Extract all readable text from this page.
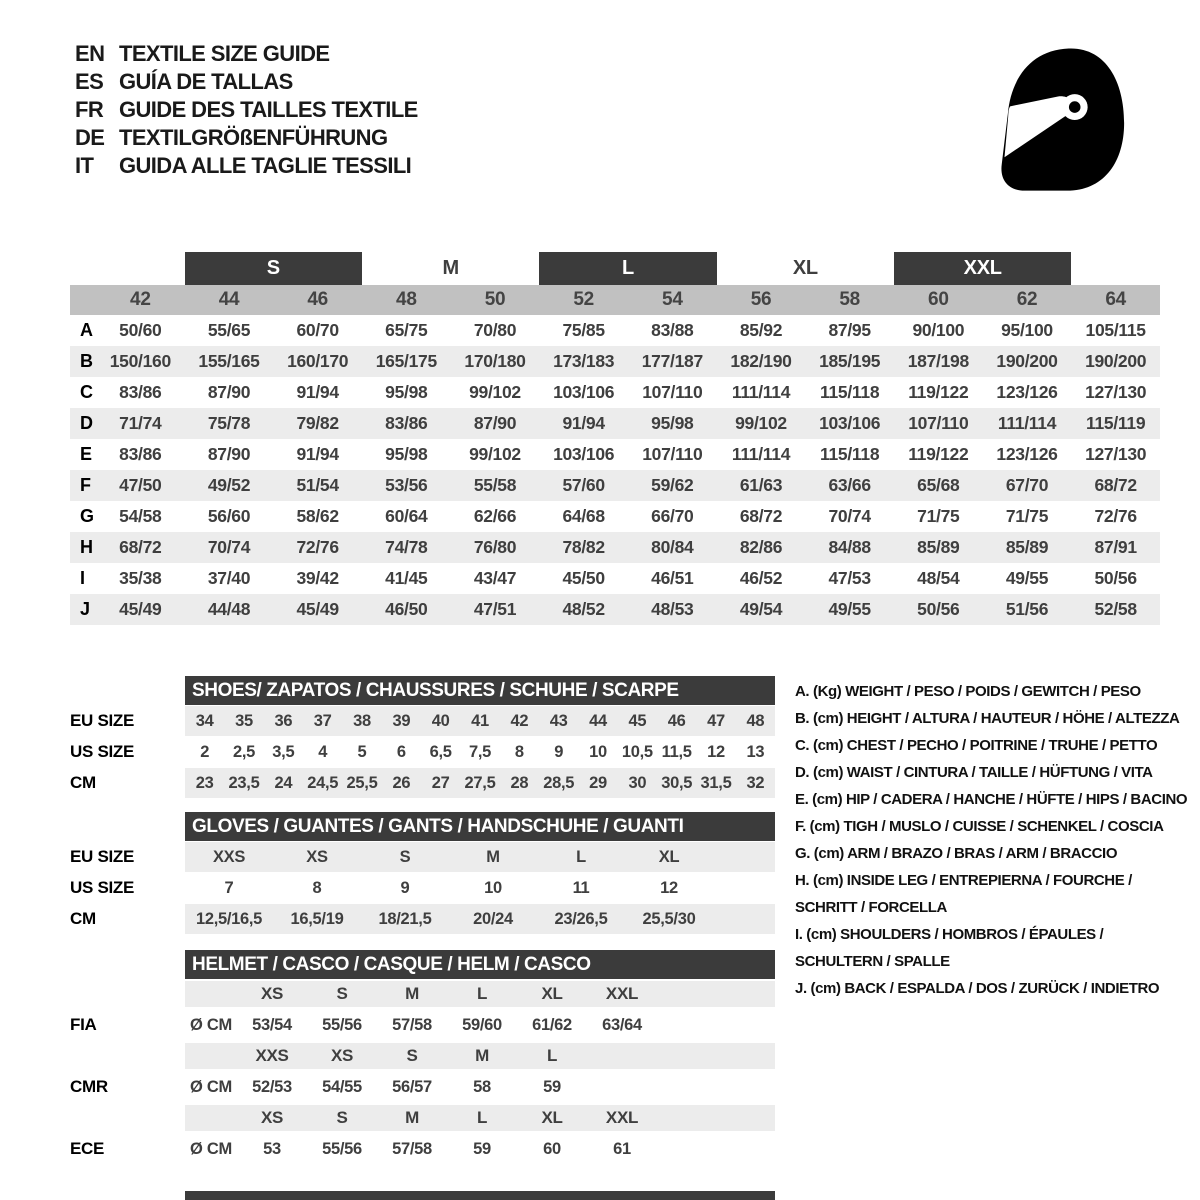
EN TEXTILE SIZE GUIDE
ES GUÍA DE TALLAS
FR GUIDE DES TAILLES TEXTILE
DE TEXTILGRÖßENFÜHRUNG
IT	GUIDA ALLE TAGLIE TESSILI
S	M	L	XL	XXL
42	44	46	48	50	52	54	56	58	60	62	64
A	50/60	55/65	60/70	65/75	70/80	75/85	83/88	85/92	87/95	90/100	95/100	105/115
B 150/160	155/165	160/170	165/175	170/180	173/183	177/187	182/190	185/195	187/198	190/200	190/200
C	83/86	87/90	91/94	95/98	99/102	103/106	107/110	111/114	115/118	119/122	123/126	127/130
D	71/74	75/78	79/82	83/86	87/90	91/94	95/98	99/102	103/106	107/110	111/114	115/119
E	83/86	87/90	91/94	95/98	99/102	103/106	107/110	111/114	115/118	119/122	123/126	127/130
F	47/50	49/52	51/54	53/56	55/58	57/60	59/62	61/63	63/66	65/68	67/70	68/72
G	54/58	56/60	58/62	60/64	62/66	64/68	66/70	68/72	70/74	71/75	71/75	72/76
H	68/72	70/74	72/76	74/78	76/80	78/82	80/84	82/86	84/88	85/89	85/89	87/91
I	35/38	37/40	39/42	41/45	43/47	45/50	46/51	46/52	47/53	48/54	49/55	50/56
J	45/49	44/48	45/49	46/50	47/51	48/52	48/53	49/54	49/55	50/56	51/56	52/58
SHOES/ ZAPATOS / CHAUSSURES / SCHUHE / SCARPE
EU SIZE	34	35	36	37	38	39	40	41	42	43	44	45	46	47	48
US SIZE	2	2,5	3,5	4	5	6	6,5	7,5	8	9	10 10,5 11,5 12	13
CM	23 23,5 24 24,5 25,5 26	27 27,5 28 28,5 29	30 30,5 31,5 32
GLOVES / GUANTES / GANTS / HANDSCHUHE / GUANTI
EU SIZE	XXS	XS	S	M	L	XL
US SIZE	7	8	9	10	11	12
CM	12,5/16,5	16,5/19	18/21,5	20/24	23/26,5	25,5/30
HELMET / CASCO / CASQUE / HELM / CASCO
XS	S	M	L	XL	XXL
FIA	Ø CM	53/54	55/56	57/58	59/60	61/62	63/64
XXS	XS	S	M	L
CMR	Ø CM	52/53	54/55	56/57	58	59
XS	S	M	L	XL	XXL
ECE	Ø CM	53	55/56	57/58	59	60	61
A. (Kg) WEIGHT / PESO / POIDS / GEWITCH / PESO
B. (cm) HEIGHT / ALTURA / HAUTEUR / HÖHE / ALTEZZA
C. (cm) CHEST / PECHO / POITRINE / TRUHE / PETTO
D. (cm) WAIST / CINTURA / TAILLE / HÜFTUNG / VITA
E. (cm) HIP / CADERA / HANCHE / HÜFTE / HIPS / BACINO
F. (cm) TIGH / MUSLO / CUISSE / SCHENKEL / COSCIA
G. (cm) ARM / BRAZO / BRAS / ARM / BRACCIO
H. (cm) INSIDE LEG / ENTREPIERNA / FOURCHE / SCHRITT / FORCELLA
I. (cm) SHOULDERS / HOMBROS / ÉPAULES / SCHULTERN / SPALLE
J. (cm) BACK / ESPALDA / DOS / ZURÜCK / INDIETRO
